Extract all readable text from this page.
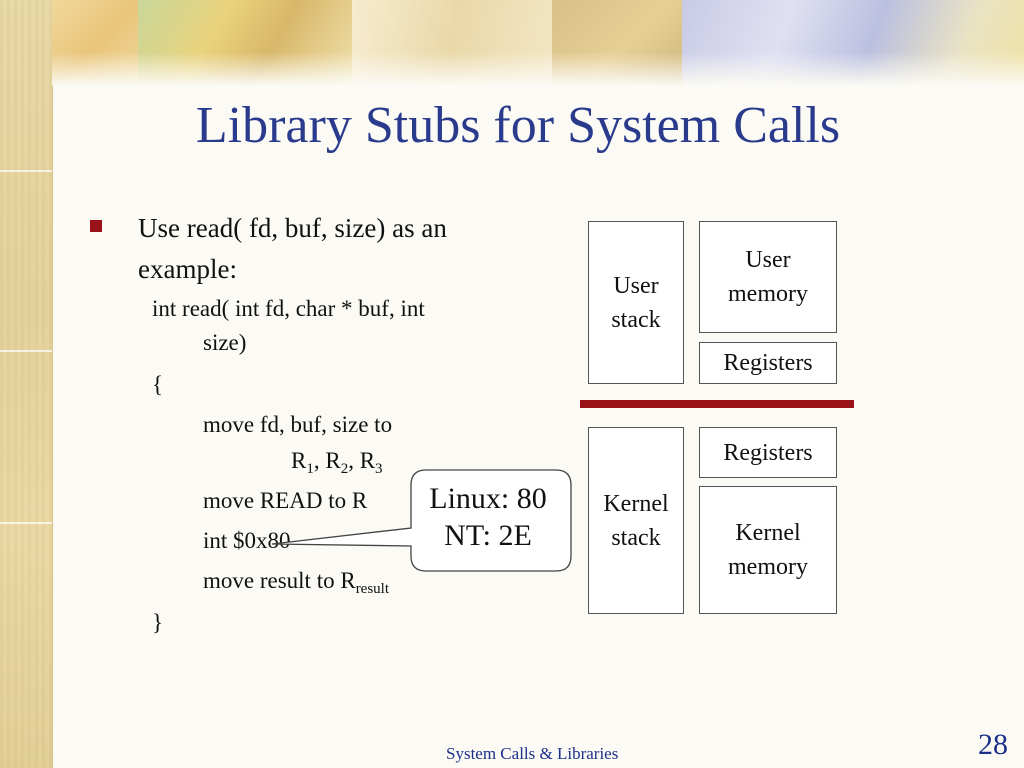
Library Stubs for System Calls
Use read( fd, buf, size) as an example:
int read( int fd, char * buf, int
size)
{
move fd, buf, size to
$R_1$, $R_2$, $R_3$
move READ to R
int $0x80
move result to $R_{result}$
}
Linux: 80
NT: 2E
User stack
User memory
Registers
Registers
Kernel stack	Kernel memory
System Calls & Libraries	28
